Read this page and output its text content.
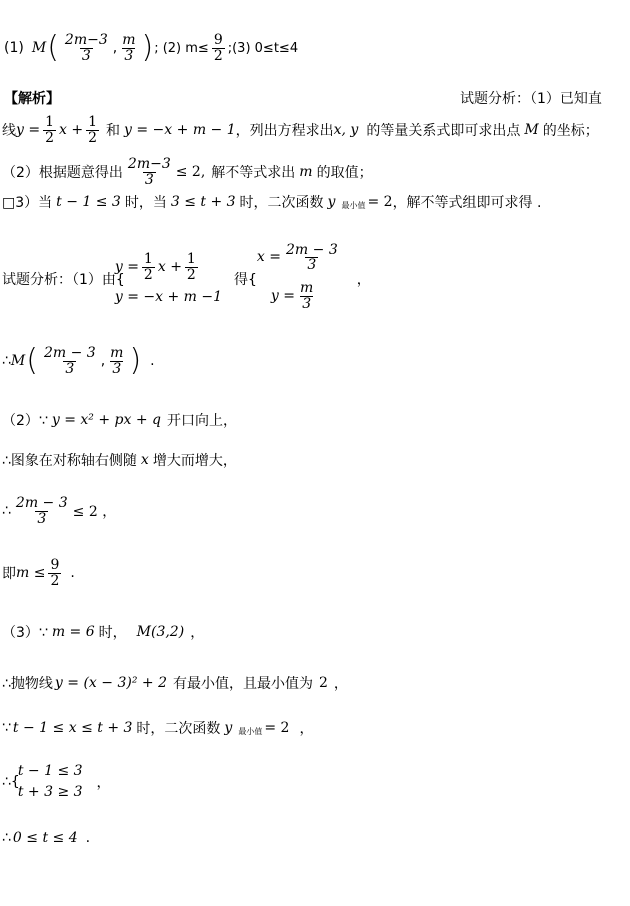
(1) M ( $\frac{2m-3}{3}$ , $\frac{m}{3}$ ) ; (2) $m\le \frac{9}{2}$ ;(3) 0≤t≤4
【解析】	试题分析：（1）已知直
线 $y = \frac{1}{2}$ $x + \frac{1}{2}$ 和 y = −x + m − 1 ，列出方程求出 x, y 的等量关系式即可求出点 M 的坐标；
（2）根据题意得出 $\frac{2m-3}{3} \le 2$, 解不等式求出 m 的取值；
□3）当 t − 1 ≤ 3 时，当 3 ≤ t + 3 时，二次函数 y 最小值 = 2 ，解不等式组即可求得 .
试题分析：（1）由{
$y = \frac{1}{2}$ $x + \frac{1}{2}$
y = −x + m −1
得{
$x = \frac{2m - 3}{3}$
$y = \frac{m}{3}$
，
∴ M ( $\frac{2m - 3}{3}$ , $\frac{m}{3}$ ) .
（2）∵ y = x² + px + q 开口向上，
∴图象在对称轴右侧随 x 增大而增大，
∴ $\frac{2m - 3}{3} \le 2$ ，
即 $m \le \frac{9}{2}$ .
（3）∵ m = 6 时， M(3,2) ，
∴抛物线 y = (x − 3)² + 2 有最小值，且最小值为 2 ，
∵ t − 1 ≤ x ≤ t + 3 时，二次函数 y 最小值 = 2 ，
∴{
t − 1 ≤ 3
t + 3 ≥ 3
，
∴ 0 ≤ t ≤ 4 .
